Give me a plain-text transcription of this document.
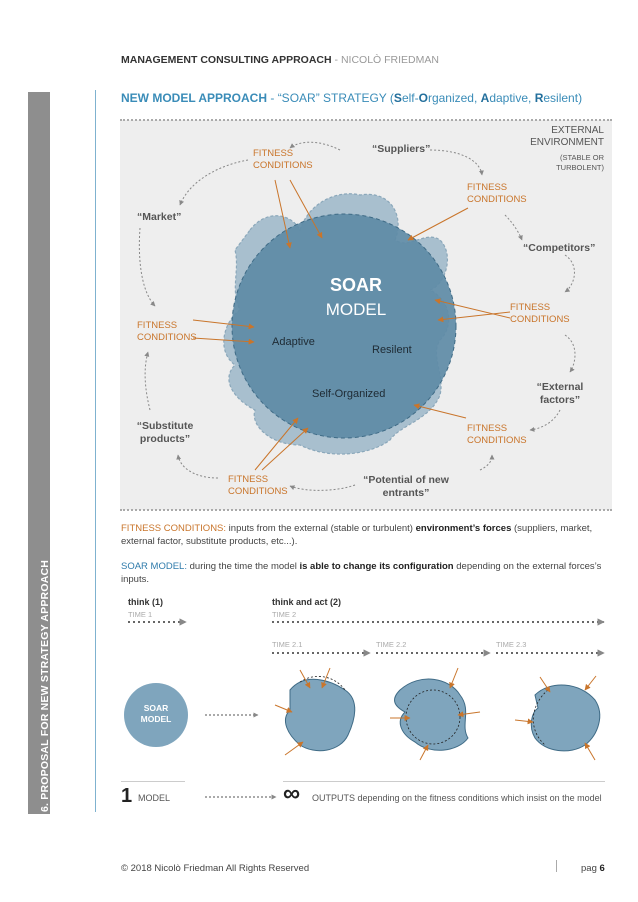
6. PROPOSAL FOR NEW STRATEGY APPROACH
MANAGEMENT CONSULTING APPROACH - NICOLÒ FRIEDMAN
NEW MODEL APPROACH - “SOAR” STRATEGY (Self-Organized, Adaptive, Resilent)
EXTERNAL
ENVIRONMENT
(STABLE OR
TURBOLENT)
SOAR
MODEL
Adaptive
Resilent
Self-Organized
FITNESS
CONDITIONS
FITNESS
CONDITIONS
FITNESS
CONDITIONS
FITNESS
CONDITIONS
FITNESS
CONDITIONS
FITNESS
CONDITIONS
“Suppliers”
“Market”
“Competitors”
“External
factors”
“Substitute
products”
“Potential of new
entrants”
FITNESS CONDITIONS: inputs from the external (stable or turbulent) environment’s forces (suppliers, market, external factor, substitute products, etc...).
SOAR MODEL: during the time the model is able to change its configuration depending on the external forces’s inputs.
think (1)	think and act (2)
TIME 1	TIME 2
TIME 2.1	TIME 2.2	TIME 2.3
SOAR
MODEL
1 MODEL	∞ OUTPUTS depending on the fitness conditions which insist on the model
© 2018 Nicolò Friedman All Rights Reserved	pag 6
